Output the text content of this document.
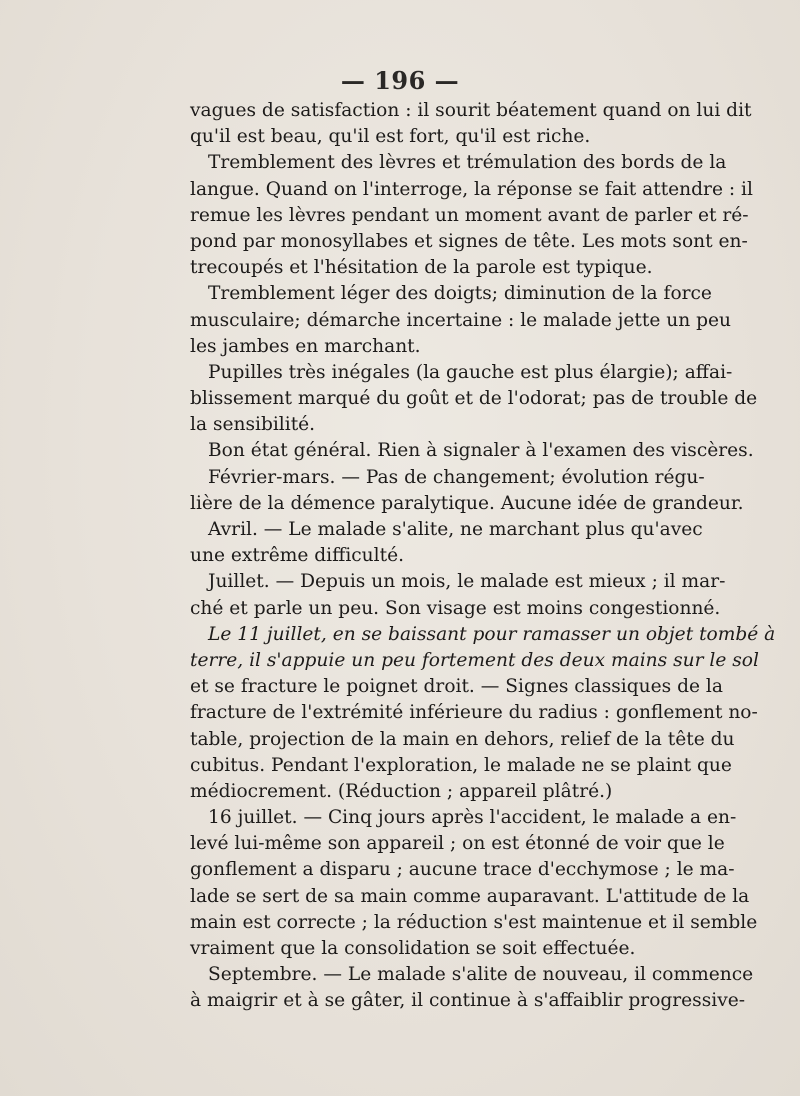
— 196 —
vagues de satisfaction : il sourit béatement quand on lui dit
qu'il est beau, qu'il est fort, qu'il est riche.
Tremblement des lèvres et trémulation des bords de la
langue. Quand on l'interroge, la réponse se fait attendre : il
remue les lèvres pendant un moment avant de parler et ré-
pond par monosyllabes et signes de tête. Les mots sont en-
trecoupés et l'hésitation de la parole est typique.
Tremblement léger des doigts; diminution de la force
musculaire; démarche incertaine : le malade jette un peu
les jambes en marchant.
Pupilles très inégales (la gauche est plus élargie); affai-
blissement marqué du goût et de l'odorat; pas de trouble de
la sensibilité.
Bon état général. Rien à signaler à l'examen des viscères.
Février-mars. — Pas de changement; évolution régu-
lière de la démence paralytique. Aucune idée de grandeur.
Avril. — Le malade s'alite, ne marchant plus qu'avec
une extrême difficulté.
Juillet. — Depuis un mois, le malade est mieux ; il mar-
ché et parle un peu. Son visage est moins congestionné.
Le 11 juillet, en se baissant pour ramasser un objet tombé à
terre, il s'appuie un peu fortement des deux mains sur le sol
et se fracture le poignet droit. — Signes classiques de la
fracture de l'extrémité inférieure du radius : gonflement no-
table, projection de la main en dehors, relief de la tête du
cubitus. Pendant l'exploration, le malade ne se plaint que
médiocrement. (Réduction ; appareil plâtré.)
16 juillet. — Cinq jours après l'accident, le malade a en-
levé lui-même son appareil ; on est étonné de voir que le
gonflement a disparu ; aucune trace d'ecchymose ; le ma-
lade se sert de sa main comme auparavant. L'attitude de la
main est correcte ; la réduction s'est maintenue et il semble
vraiment que la consolidation se soit effectuée.
Septembre. — Le malade s'alite de nouveau, il commence
à maigrir et à se gâter, il continue à s'affaiblir progressive-
